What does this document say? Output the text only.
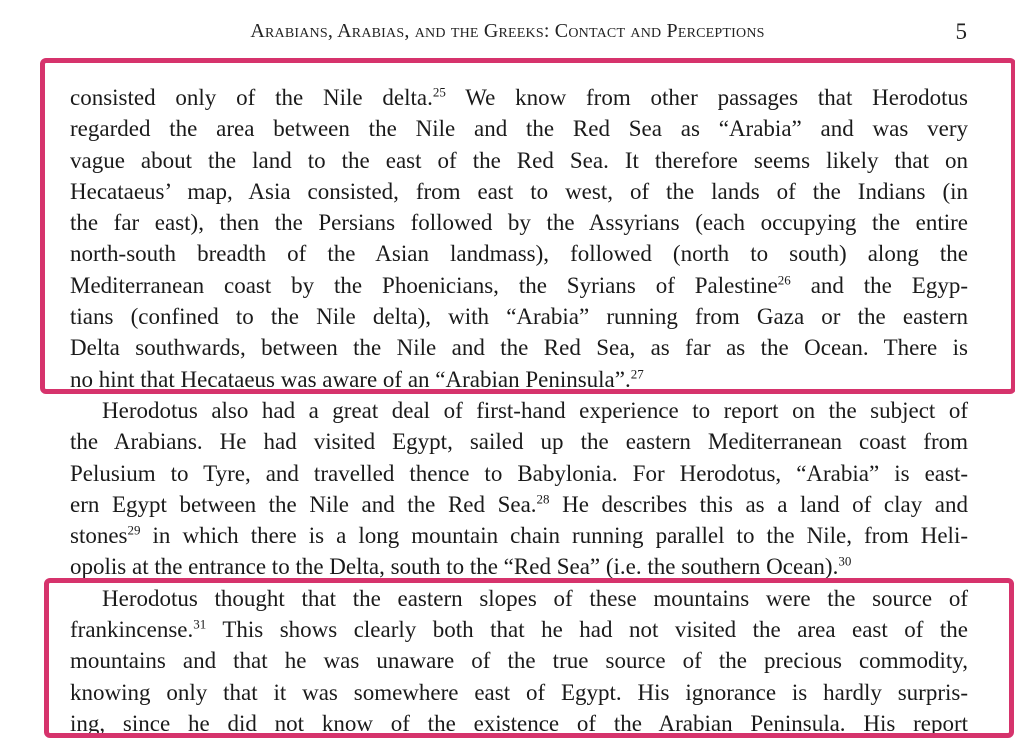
Arabians, Arabias, and the Greeks: Contact and Perceptions	5
consisted only of the Nile delta.$^{25}$ We know from other passages that Herodotus
regarded the area between the Nile and the Red Sea as “Arabia” and was very
vague about the land to the east of the Red Sea. It therefore seems likely that on
Hecataeus’ map, Asia consisted, from east to west, of the lands of the Indians (in
the far east), then the Persians followed by the Assyrians (each occupying the entire
north-south breadth of the Asian landmass), followed (north to south) along the
Mediterranean coast by the Phoenicians, the Syrians of Palestine$^{26}$ and the Egyp-
tians (confined to the Nile delta), with “Arabia” running from Gaza or the eastern
Delta southwards, between the Nile and the Red Sea, as far as the Ocean. There is
no hint that Hecataeus was aware of an “Arabian Peninsula”.$^{27}$
Herodotus also had a great deal of first-hand experience to report on the subject of
the Arabians. He had visited Egypt, sailed up the eastern Mediterranean coast from
Pelusium to Tyre, and travelled thence to Babylonia. For Herodotus, “Arabia” is east-
ern Egypt between the Nile and the Red Sea.$^{28}$ He describes this as a land of clay and
stones$^{29}$ in which there is a long mountain chain running parallel to the Nile, from Heli-
opolis at the entrance to the Delta, south to the “Red Sea” (i.e. the southern Ocean).$^{30}$
Herodotus thought that the eastern slopes of these mountains were the source of
frankincense.$^{31}$ This shows clearly both that he had not visited the area east of the
mountains and that he was unaware of the true source of the precious commodity,
knowing only that it was somewhere east of Egypt. His ignorance is hardly surpris-
ing, since he did not know of the existence of the Arabian Peninsula. His report
